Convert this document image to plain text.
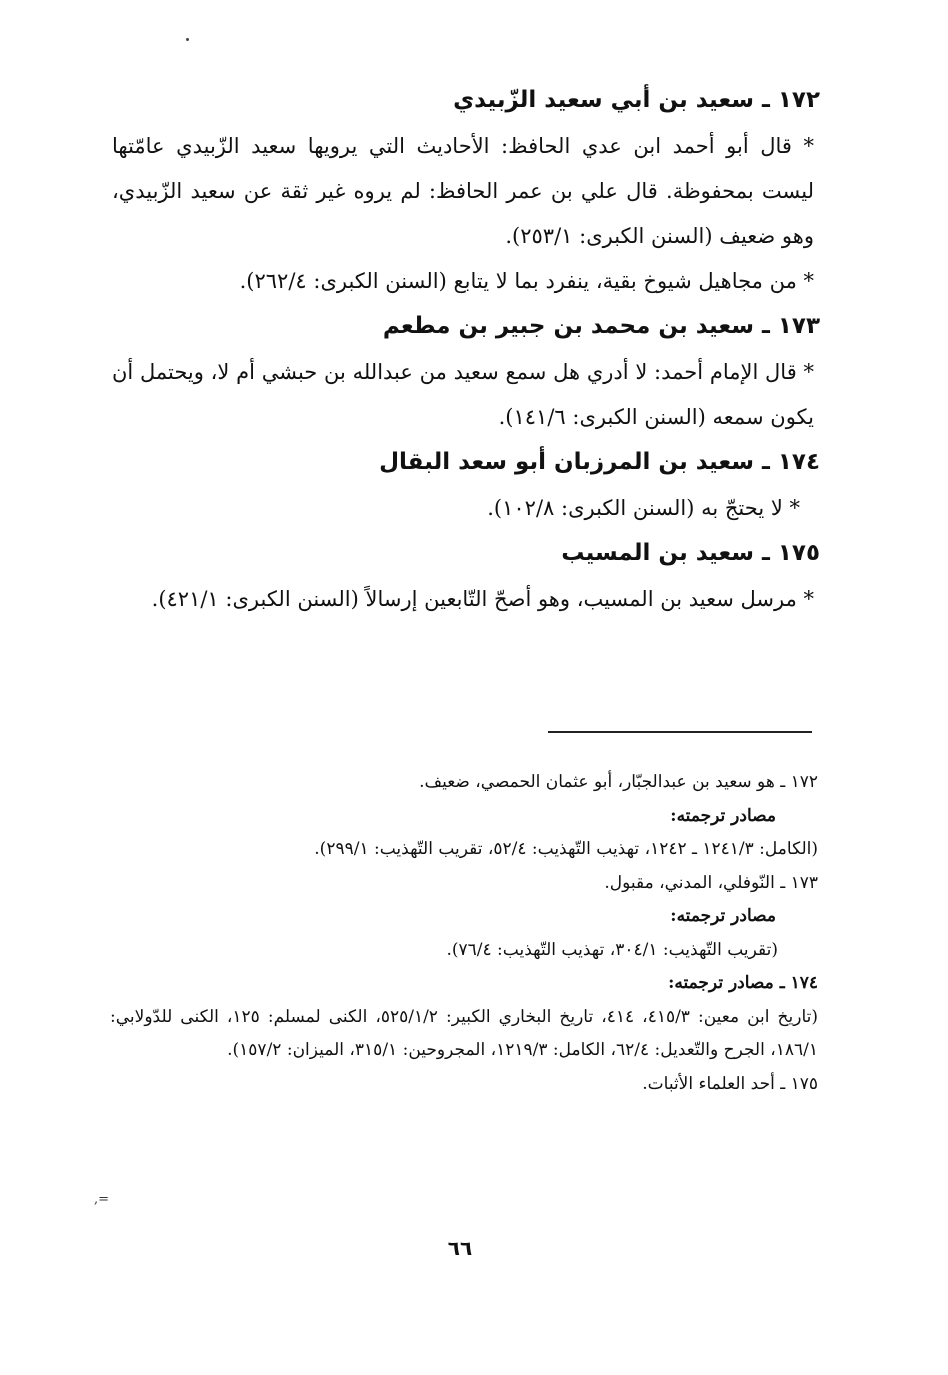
١٧٢ ـ سعيد بن أبي سعيد الزّبيدي

* قال أبو أحمد ابن عدي الحافظ: الأحاديث التي يرويها سعيد الزّبيدي عامّتها ليست بمحفوظة. قال علي بن عمر الحافظ: لم يروه غير ثقة عن سعيد الزّبيدي، وهو ضعيف (السنن الكبرى: ٢٥٣/١).

* من مجاهيل شيوخ بقية، ينفرد بما لا يتابع (السنن الكبرى: ٢٦٢/٤).

١٧٣ ـ سعيد بن محمد بن جبير بن مطعم

* قال الإمام أحمد: لا أدري هل سمع سعيد من عبدالله بن حبشي أم لا، ويحتمل أن يكون سمعه (السنن الكبرى: ١٤١/٦).

١٧٤ ـ سعيد بن المرزبان أبو سعد البقال

* لا يحتجّ به (السنن الكبرى: ١٠٢/٨).

١٧٥ ـ سعيد بن المسيب

* مرسل سعيد بن المسيب، وهو أصحّ التّابعين إرسالاً (السنن الكبرى: ٤٢١/١).

١٧٢ ـ هو سعيد بن عبدالجبّار، أبو عثمان الحمصي، ضعيف.

مصادر ترجمته:

(الكامل: ١٢٤١/٣ ـ ١٢٤٢، تهذيب التّهذيب: ٥٢/٤، تقريب التّهذيب: ٢٩٩/١).

١٧٣ ـ النّوفلي، المدني، مقبول.

مصادر ترجمته:

(تقريب التّهذيب: ٣٠٤/١، تهذيب التّهذيب: ٧٦/٤).

١٧٤ ـ مصادر ترجمته:

(تاريخ ابن معين: ٤١٥/٣، ٤١٤، تاريخ البخاري الكبير: ٥٢٥/١/٢، الكنى لمسلم: ١٢٥، الكنى للدّولابي: ١٨٦/١، الجرح والتّعديل: ٦٢/٤، الكامل: ١٢١٩/٣، المجروحين: ٣١٥/١، الميزان: ١٥٧/٢).

١٧٥ ـ أحد العلماء الأثبات.

=,
٦٦
